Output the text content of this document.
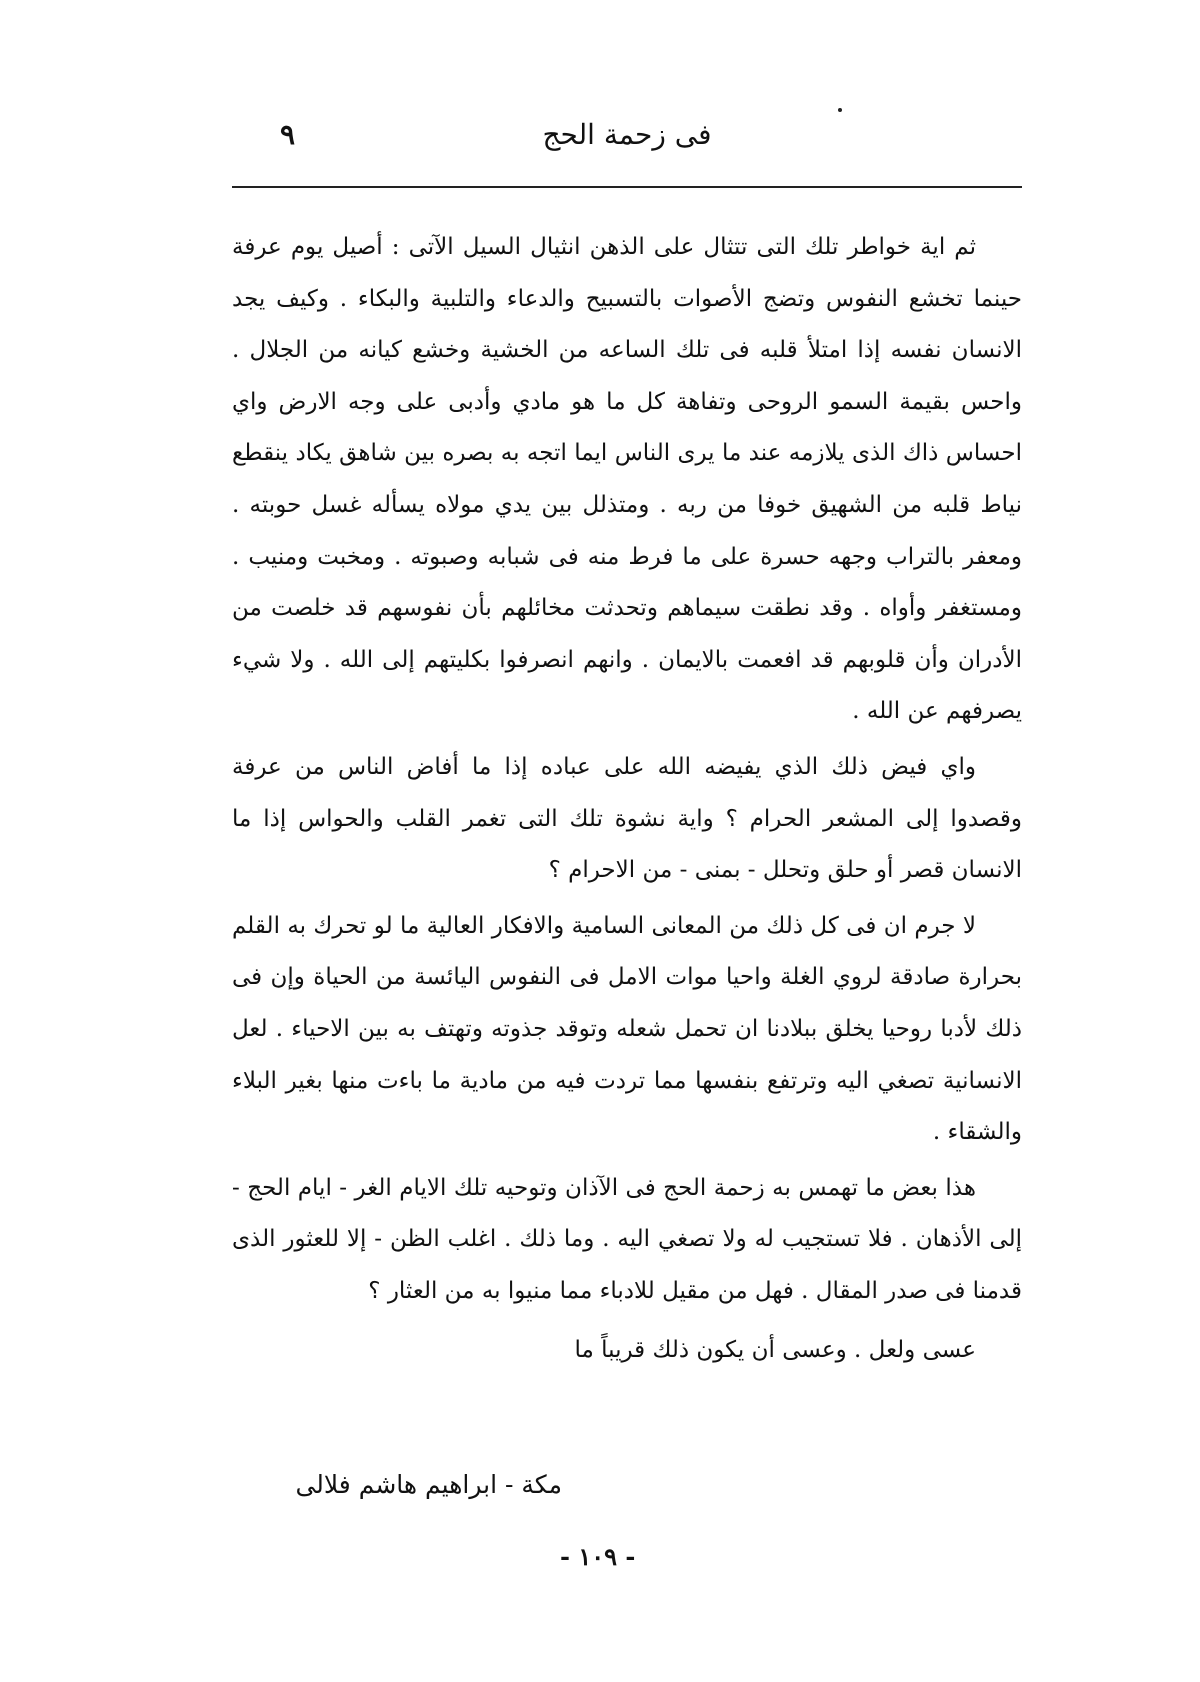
فى زحمة الحج
٩

ثم اية خواطر تلك التى تتثال على الذهن انثيال السيل الآتى : أصيل يوم عرفة حينما تخشع النفوس وتضج الأصوات بالتسبيح والدعاء والتلبية والبكاء . وكيف يجد الانسان نفسه إذا امتلأ قلبه فى تلك الساعه من الخشية وخشع كيانه من الجلال . واحس بقيمة السمو الروحى وتفاهة كل ما هو مادي وأدبى على وجه الارض واي احساس ذاك الذى يلازمه عند ما يرى الناس ايما اتجه به بصره بين شاهق يكاد ينقطع نياط قلبه من الشهيق خوفا من ربه . ومتذلل بين يدي مولاه يسأله غسل حوبته . ومعفر بالتراب وجهه حسرة على ما فرط منه فى شبابه وصبوته . ومخبت ومنيب . ومستغفر وأواه . وقد نطقت سيماهم وتحدثت مخائلهم بأن نفوسهم قد خلصت من الأدران وأن قلوبهم قد افعمت بالايمان . وانهم انصرفوا بكليتهم إلى الله . ولا شيء يصرفهم عن الله .

واي فيض ذلك الذي يفيضه الله على عباده إذا ما أفاض الناس من عرفة وقصدوا إلى المشعر الحرام ؟ واية نشوة تلك التى تغمر القلب والحواس إذا ما الانسان قصر أو حلق وتحلل - بمنى - من الاحرام ؟

لا جرم ان فى كل ذلك من المعانى السامية والافكار العالية ما لو تحرك به القلم بحرارة صادقة لروي الغلة واحيا موات الامل فى النفوس اليائسة من الحياة وإن فى ذلك لأدبا روحيا يخلق ببلادنا ان تحمل شعله وتوقد جذوته وتهتف به بين الاحياء . لعل الانسانية تصغي اليه وترتفع بنفسها مما تردت فيه من مادية ما باءت منها بغير البلاء والشقاء .

هذا بعض ما تهمس به زحمة الحج فى الآذان وتوحيه تلك الايام الغر - ايام الحج - إلى الأذهان . فلا تستجيب له ولا تصغي اليه . وما ذلك . اغلب الظن - إلا للعثور الذى قدمنا فى صدر المقال . فهل من مقيل للادباء مما منيوا به من العثار ؟

عسى ولعل . وعسى أن يكون ذلك قريباً ما

مكة - ابراهيم هاشم فلالى
- ١٠٩ -
